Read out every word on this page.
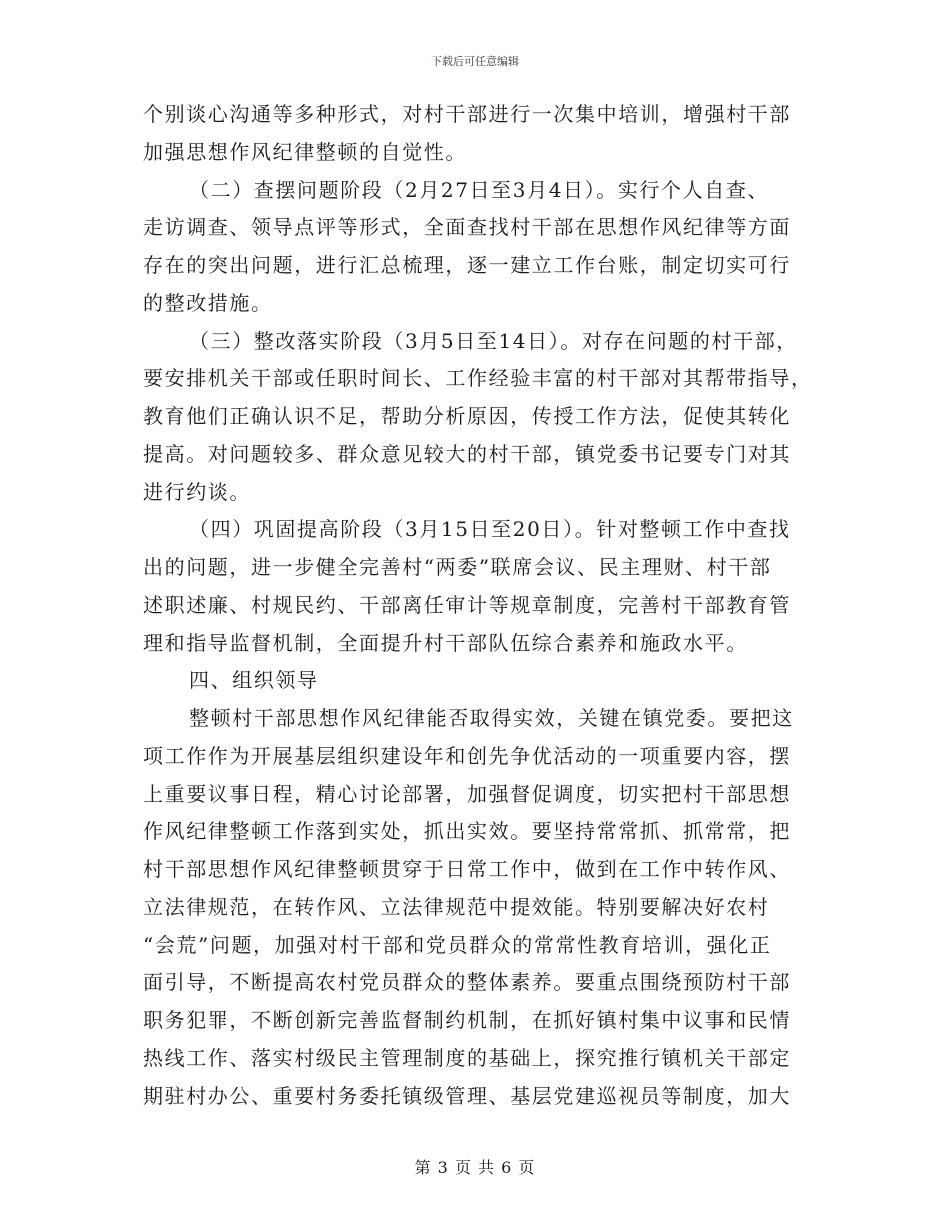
下载后可任意编辑
个别谈心沟通等多种形式，对村干部进行一次集中培训，增强村干部
加强思想作风纪律整顿的自觉性。
（二）查摆问题阶段（2月27日至3月4日）。实行个人自查、
走访调查、领导点评等形式，全面查找村干部在思想作风纪律等方面
存在的突出问题，进行汇总梳理，逐一建立工作台账，制定切实可行
的整改措施。
（三）整改落实阶段（3月5日至14日）。对存在问题的村干部，
要安排机关干部或任职时间长、工作经验丰富的村干部对其帮带指导，
教育他们正确认识不足，帮助分析原因，传授工作方法，促使其转化
提高。对问题较多、群众意见较大的村干部，镇党委书记要专门对其
进行约谈。
（四）巩固提高阶段（3月15日至20日）。针对整顿工作中查找
出的问题，进一步健全完善村“两委”联席会议、民主理财、村干部
述职述廉、村规民约、干部离任审计等规章制度，完善村干部教育管
理和指导监督机制，全面提升村干部队伍综合素养和施政水平。
四、组织领导
整顿村干部思想作风纪律能否取得实效，关键在镇党委。要把这
项工作作为开展基层组织建设年和创先争优活动的一项重要内容，摆
上重要议事日程，精心讨论部署，加强督促调度，切实把村干部思想
作风纪律整顿工作落到实处，抓出实效。要坚持常常抓、抓常常，把
村干部思想作风纪律整顿贯穿于日常工作中，做到在工作中转作风、
立法律规范，在转作风、立法律规范中提效能。特别要解决好农村
“会荒”问题，加强对村干部和党员群众的常常性教育培训，强化正
面引导，不断提高农村党员群众的整体素养。要重点围绕预防村干部
职务犯罪，不断创新完善监督制约机制，在抓好镇村集中议事和民情
热线工作、落实村级民主管理制度的基础上，探究推行镇机关干部定
期驻村办公、重要村务委托镇级管理、基层党建巡视员等制度，加大
第 3 页 共 6 页
